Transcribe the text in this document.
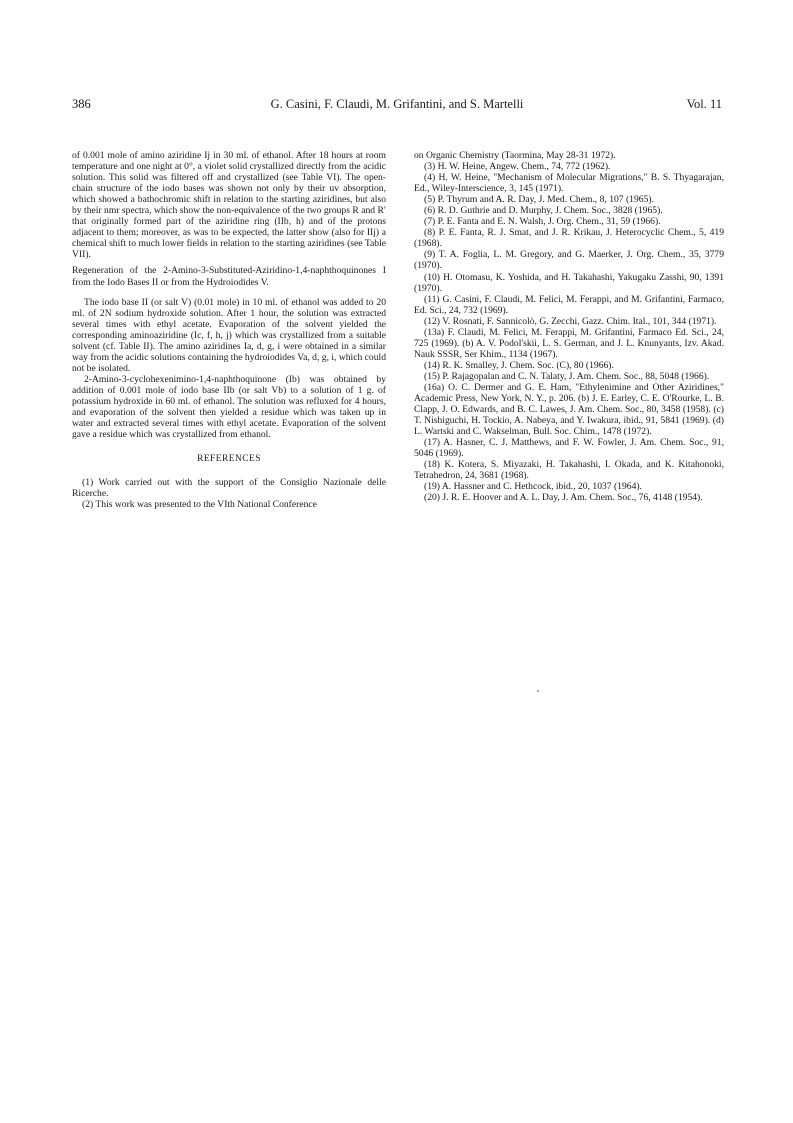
386	G. Casini, F. Claudi, M. Grifantini, and S. Martelli	Vol. 11

of 0.001 mole of amino aziridine Ij in 30 ml. of ethanol. After 18 hours at room temperature and one night at 0°, a violet solid crystallized directly from the acidic solution. This solid was filtered off and crystallized (see Table VI). The open-chain structure of the iodo bases was shown not only by their uv absorption, which showed a bathochromic shift in relation to the starting aziridines, but also by their nmr spectra, which show the non-equivalence of the two groups R and R′ that originally formed part of the aziridine ring (IIb, h) and of the protons adjacent to them; moreover, as was to be expected, the latter show (also for IIj) a chemical shift to much lower fields in relation to the starting aziridines (see Table VII).

Regeneration of the 2-Amino-3-Substituted-Aziridino-1,4-naphthoquinones I from the Iodo Bases II or from the Hydroiodides V.

The iodo base II (or salt V) (0.01 mole) in 10 ml. of ethanol was added to 20 ml. of 2N sodium hydroxide solution. After 1 hour, the solution was extracted several times with ethyl acetate. Evaporation of the solvent yielded the corresponding aminoaziridine (Ic, f, h, j) which was crystallized from a suitable solvent (cf. Table II). The amino aziridines Ia, d, g, i were obtained in a similar way from the acidic solutions containing the hydroiodides Va, d, g, i, which could not be isolated.

2-Amino-3-cyclohexenimino-1,4-naphthoquinone (Ib) was obtained by addition of 0.001 mole of iodo base IIb (or salt Vb) to a solution of 1 g. of potassium hydroxide in 60 ml. of ethanol. The solution was refluxed for 4 hours, and evaporation of the solvent then yielded a residue which was taken up in water and extracted several times with ethyl acetate. Evaporation of the solvent gave a residue which was crystallized from ethanol.

REFERENCES

(1) Work carried out with the support of the Consiglio Nazionale delle Ricerche.

(2) This work was presented to the VIth National Conference

on Organic Chemistry (Taormina, May 28-31 1972).

(3) H. W. Heine, Angew. Chem., 74, 772 (1962).

(4) H. W. Heine, "Mechanism of Molecular Migrations," B. S. Thyagarajan, Ed., Wiley-Interscience, 3, 145 (1971).

(5) P. Thyrum and A. R. Day, J. Med. Chem., 8, 107 (1965).

(6) R. D. Guthrie and D. Murphy, J. Chem. Soc., 3828 (1965).

(7) P. E. Fanta and E. N. Walsh, J. Org. Chem., 31, 59 (1966).

(8) P. E. Fanta, R. J. Smat, and J. R. Krikau, J. Heterocyclic Chem., 5, 419 (1968).

(9) T. A. Foglia, L. M. Gregory, and G. Maerker, J. Org. Chem., 35, 3779 (1970).

(10) H. Otomasu, K. Yoshida, and H. Takahashi, Yakugaku Zasshi, 90, 1391 (1970).

(11) G. Casini, F. Claudi, M. Felici, M. Ferappi, and M. Grifantini, Farmaco, Ed. Sci., 24, 732 (1969).

(12) V. Rosnati, F. Sannicolò, G. Zecchi, Gazz. Chim. Ital., 101, 344 (1971).

(13a) F. Claudi, M. Felici, M. Ferappi, M. Grifantini, Farmaco Ed. Sci., 24, 725 (1969). (b) A. V. Podol'skii, L. S. German, and J. L. Knunyants, Izv. Akad. Nauk SSSR, Ser Khim., 1134 (1967).

(14) R. K. Smalley, J. Chem. Soc. (C), 80 (1966).

(15) P. Rajagopalan and C. N. Talaty, J. Am. Chem. Soc., 88, 5048 (1966).

(16a) O. C. Dermer and G. E. Ham, "Ethylenimine and Other Aziridines," Academic Press, New York, N. Y., p. 206. (b) J. E. Earley, C. E. O'Rourke, L. B. Clapp, J. O. Edwards, and B. C. Lawes, J. Am. Chem. Soc., 80, 3458 (1958). (c) T. Nishiguchi, H. Tockio, A. Nabeya, and Y. Iwakura, ibid., 91, 5841 (1969). (d) L. Wartski and C. Wakselman, Bull. Soc. Chim., 1478 (1972).

(17) A. Hasner, C. J. Matthews, and F. W. Fowler, J. Am. Chem. Soc., 91, 5046 (1969).

(18) K. Kotera, S. Miyazaki, H. Takahashi, I. Okada, and K. Kitahonoki, Tetrahedron, 24, 3681 (1968).

(19) A. Hassner and C. Hethcock, ibid., 20, 1037 (1964).

(20) J. R. E. Hoover and A. L. Day, J. Am. Chem. Soc., 76, 4148 (1954).
